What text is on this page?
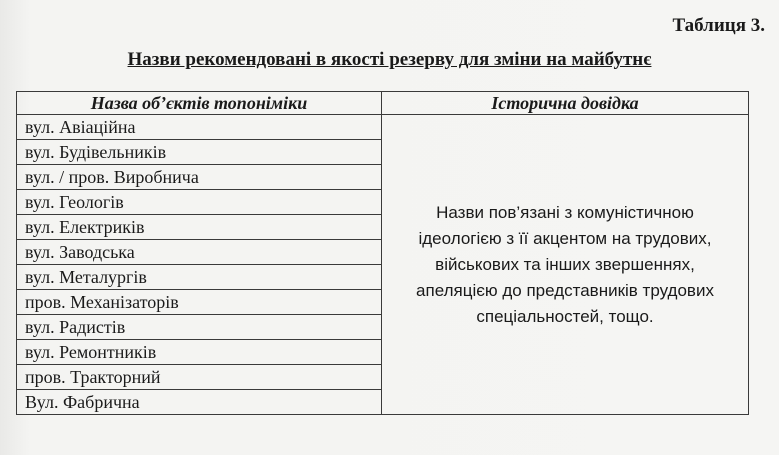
Таблиця 3.
Назви рекомендовані в якості резерву для зміни на майбутнє
Назва об’єктів топоніміки	Історична довідка
вул. Авіаційна	Назви пов’язані з комуністичною ідеологією з її акцентом на трудових, військових та інших звершеннях, апеляцією до представників трудових спеціальностей, тощо.
вул. Будівельників	
вул. / пров. Виробнича	
вул. Геологів	
вул. Електриків	
вул. Заводська	
вул. Металургів	
пров. Механізаторів	
вул. Радистів	
вул. Ремонтників	
пров. Тракторний	
Вул. Фабрична	
